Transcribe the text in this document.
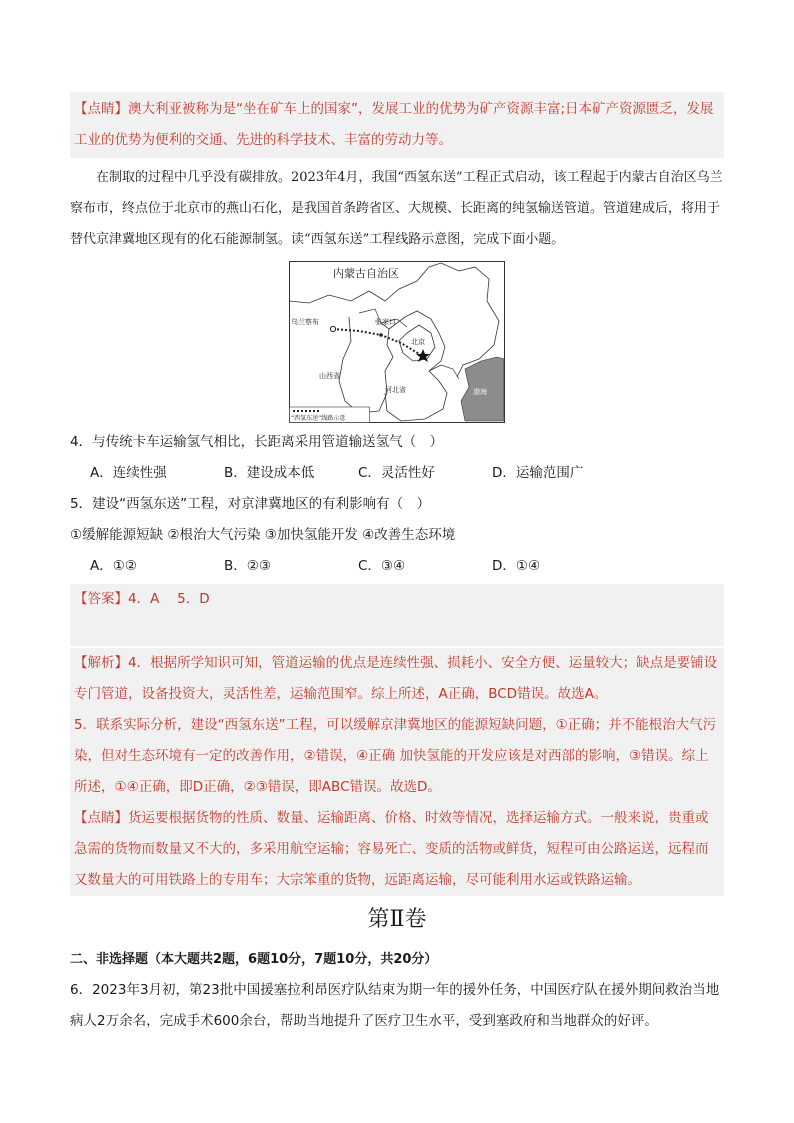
【点睛】澳大利亚被称为是“坐在矿车上的国家”，发展工业的优势为矿产资源丰富;日本矿产资源匮乏，发展工业的优势为便利的交通、先进的科学技术、丰富的劳动力等。

在制取的过程中几乎没有碳排放。2023年4月，我国“西氢东送”工程正式启动，该工程起于内蒙古自治区乌兰察布市，终点位于北京市的燕山石化，是我国首条跨省区、大规模、长距离的纯氢输送管道。管道建成后，将用于替代京津冀地区现有的化石能源制氢。读“西氢东送”工程线路示意图，完成下面小题。

内蒙古自治区
乌兰察布	张家口
北京
山西省
河北省	渤海
“西氢东送”线路示意

4．与传统卡车运输氢气相比，长距离采用管道输送氢气（　）

A．连续性强	B．建设成本低	C．灵活性好	D．运输范围广

5．建设“西氢东送”工程，对京津冀地区的有利影响有（　）

①缓解能源短缺 ②根治大气污染 ③加快氢能开发 ④改善生态环境

A．①②	B．②③	C．③④	D．①④

【答案】4．A　 5．D

【解析】4．根据所学知识可知，管道运输的优点是连续性强、损耗小、安全方便、运量较大；缺点是要铺设专门管道，设备投资大，灵活性差，运输范围窄。综上所述，A正确，BCD错误。故选A。

5．联系实际分析，建设“西氢东送”工程，可以缓解京津冀地区的能源短缺问题，①正确；并不能根治大气污染，但对生态环境有一定的改善作用，②错误，④正确 加快氢能的开发应该是对西部的影响，③错误。综上所述，①④正确，即D正确，②③错误，即ABC错误。故选D。

【点睛】货运要根据货物的性质、数量、运输距离、价格、时效等情况，选择运输方式。一般来说，贵重或急需的货物而数量又不大的，多采用航空运输；容易死亡、变质的活物或鲜货，短程可由公路运送，远程而又数量大的可用铁路上的专用车；大宗笨重的货物，远距离运输，尽可能利用水运或铁路运输。

第Ⅱ卷

二、非选择题（本大题共2题，6题10分，7题10分，共20分）

6．2023年3月初，第23批中国援塞拉利昂医疗队结束为期一年的援外任务，中国医疗队在援外期间救治当地病人2万余名，完成手术600余台，帮助当地提升了医疗卫生水平，受到塞政府和当地群众的好评。
